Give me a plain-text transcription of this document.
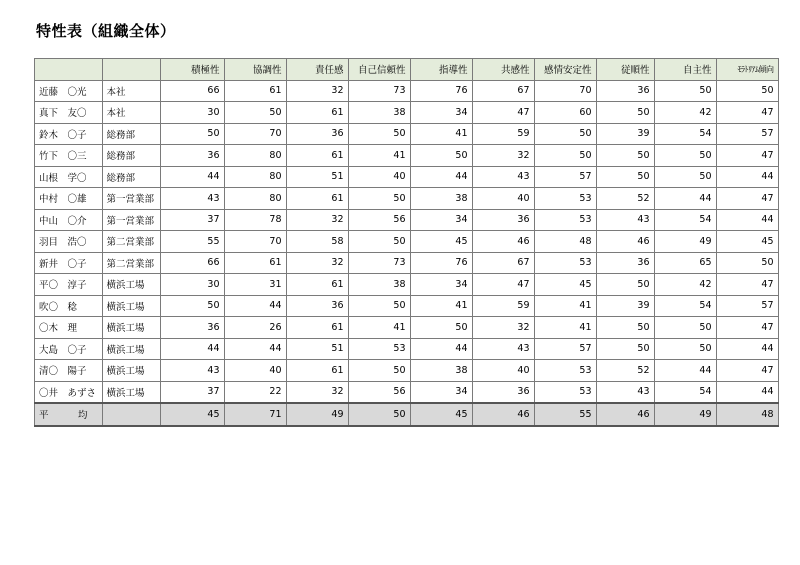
特性表（組織全体）
		積極性	協調性	責任感	自己信頼性	指導性	共感性	感情安定性	従順性	自主性	ﾓﾗﾄﾘｱﾑ傾向
近藤　〇光	本社	66	61	32	73	76	67	70	36	50	50
真下　友〇	本社	30	50	61	38	34	47	60	50	42	47
鈴木　〇子	総務部	50	70	36	50	41	59	50	39	54	57
竹下　〇三	総務部	36	80	61	41	50	32	50	50	50	47
山根　学〇	総務部	44	80	51	40	44	43	57	50	50	44
中村　〇雄	第一営業部	43	80	61	50	38	40	53	52	44	47
中山　〇介	第一営業部	37	78	32	56	34	36	53	43	54	44
羽目　浩〇	第二営業部	55	70	58	50	45	46	48	46	49	45
新井　〇子	第二営業部	66	61	32	73	76	67	53	36	65	50
平〇　淳子	横浜工場	30	31	61	38	34	47	45	50	42	47
吹〇　稔	横浜工場	50	44	36	50	41	59	41	39	54	57
〇木　理	横浜工場	36	26	61	41	50	32	41	50	50	47
大島　〇子	横浜工場	44	44	51	53	44	43	57	50	50	44
清〇　陽子	横浜工場	43	40	61	50	38	40	53	52	44	47
〇井　あずさ	横浜工場	37	22	32	56	34	36	53	43	54	44
平　均		45	71	49	50	45	46	55	46	49	48
